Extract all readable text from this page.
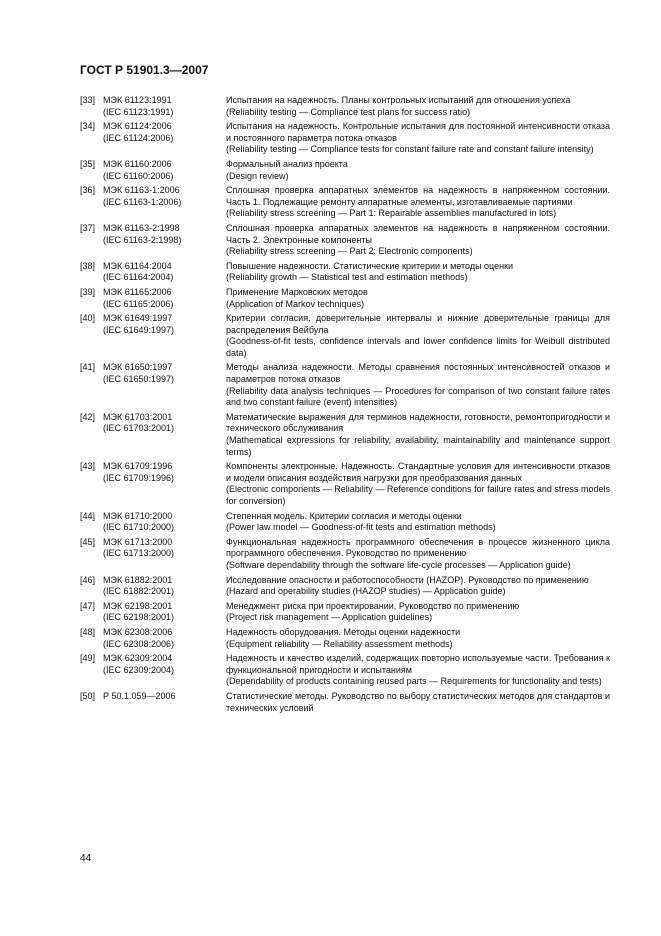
ГОСТ Р 51901.3—2007
[33] МЭК 61123:1991
(IEC 61123:1991)
Испытания на надежность. Планы контрольных испытаний для отношения успеха
(Reliability testing — Compliance test plans for success ratio)
[34] МЭК 61124:2006
(IEC 61124:2006)
Испытания на надежность. Контрольные испытания для постоянной интенсивности отказа и постоянного параметра потока отказов
(Reliability testing — Compliance tests for constant failure rate and constant failure intensity)
[35] МЭК 61160:2006
(IEC 61160:2006)
Формальный анализ проекта
(Design review)
[36] МЭК 61163-1:2006
(IEC 61163-1:2006)
Сплошная проверка аппаратных элементов на надежность в напряженном состоянии. Часть 1. Подлежащие ремонту аппаратные элементы, изготавливаемые партиями
(Reliability stress screening — Part 1: Repairable assemblies manufactured in lots)
[37] МЭК 61163-2:1998
(IEC 61163-2:1998)
Сплошная проверка аппаратных элементов на надежность в напряженном состоянии. Часть 2. Электронные компоненты
(Reliability stress screening — Part 2: Electronic components)
[38] МЭК 61164:2004
(IEC 61164:2004)
Повышение надежности. Статистические критерии и методы оценки
(Reliability growth — Statistical test and estimation methods)
[39] МЭК 61165:2006
(IEC 61165:2006)
Применение Марковских методов
(Application of Markov techniques)
[40] МЭК 61649:1997
(IEC 61649:1997)
Критерии согласия, доверительные интервалы и нижние доверительные границы для распределения Вейбула
(Goodness-of-fit tests, confidence intervals and lower confidence limits for Weibull distributed data)
[41] МЭК 61650:1997
(IEC 61650:1997)
Методы анализа надежности. Методы сравнения постоянных интенсивностей отказов и параметров потока отказов
(Reliability data analysis techniques — Procedures for comparison of two constant failure rates and two constant failure (event) intensities)
[42] МЭК 61703:2001
(IEC 61703:2001)
Математические выражения для терминов надежности, готовности, ремонтопригодности и технического обслуживания
(Mathematical expressions for reliability, availability, maintainability and maintenance support terms)
[43] МЭК 61709:1996
(IEC 61709:1996)
Компоненты электронные. Надежность. Стандартные условия для интенсивности отказов и модели описания воздействия нагрузки для преобразования данных
(Electronic components — Reliability — Reference conditions for failure rates and stress models for conversion)
[44] МЭК 61710:2000
(IEC 61710:2000)
Степенная модель. Критерии согласия и методы оценки
(Power law model — Goodness-of-fit tests and estimation methods)
[45] МЭК 61713:2000
(IEC 61713:2000)
Функциональная надежность программного обеспечения в процессе жизненного цикла программного обеспечения. Руководство по применению
(Software dependability through the software life-cycle processes — Application guide)
[46] МЭК 61882:2001
(IEC 61882:2001)
Исследование опасности и работоспособности (HAZOP). Руководство по применению
(Hazard and operability studies (HAZOP studies) — Application guide)
[47] МЭК 62198:2001
(IEC 62198:2001)
Менеджмент риска при проектировании. Руководство по применению
(Project risk management — Application guidelines)
[48] МЭК 62308:2006
(IEC 62308:2006)
Надежность оборудования. Методы оценки надежности
(Equipment reliability — Reliability assessment methods)
[49] МЭК 62309:2004
(IEC 62309:2004)
Надежность и качество изделий, содержащих повторно используемые части. Требования к функциональной пригодности и испытаниям
(Dependability of products containing reused parts — Requirements for functionality and tests)
[50] Р 50.1.059—2006	Статистические методы. Руководство по выбору статистических методов для стандартов и технических условий
44
